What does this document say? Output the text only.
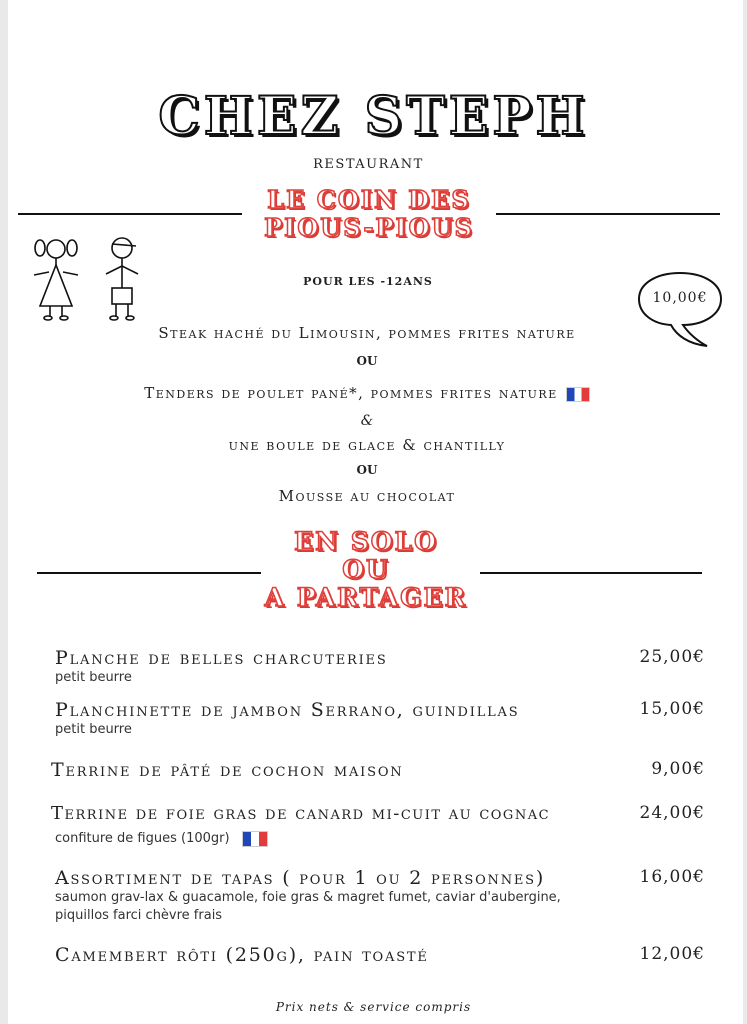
CHEZ STEPH
RESTAURANT
LE COIN DES
PIOUS-PIOUS
POUR LES -12ANS
10,00€
Steak haché du Limousin, pommes frites nature
OU
Tenders de poulet pané*, pommes frites nature
&
une boule de glace & chantilly
OU
Mousse au chocolat
EN SOLO
OU
A PARTAGER
Planche de belles charcuteries
petit beurre
25,00€
Planchinette de jambon Serrano, guindillas
petit beurre
15,00€
Terrine de pâté de cochon maison	9,00€
Terrine de foie gras de canard mi-cuit au cognac
confiture de figues (100gr)
24,00€
Assortiment de tapas ( pour 1 ou 2 personnes)
saumon grav-lax & guacamole, foie gras & magret fumet, caviar d'aubergine, piquillos farci chèvre frais
16,00€
Camembert rôti (250g), pain toasté	12,00€
Prix nets & service compris
